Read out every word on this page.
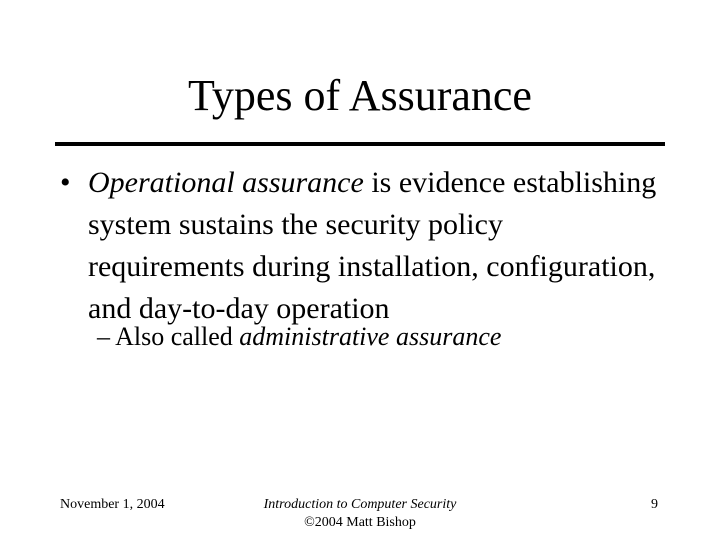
Types of Assurance
• Operational assurance is evidence establishing system sustains the security policy requirements during installation, configuration, and day-to-day operation
– Also called administrative assurance
November 1, 2004	Introduction to Computer Security
©2004 Matt Bishop
9
